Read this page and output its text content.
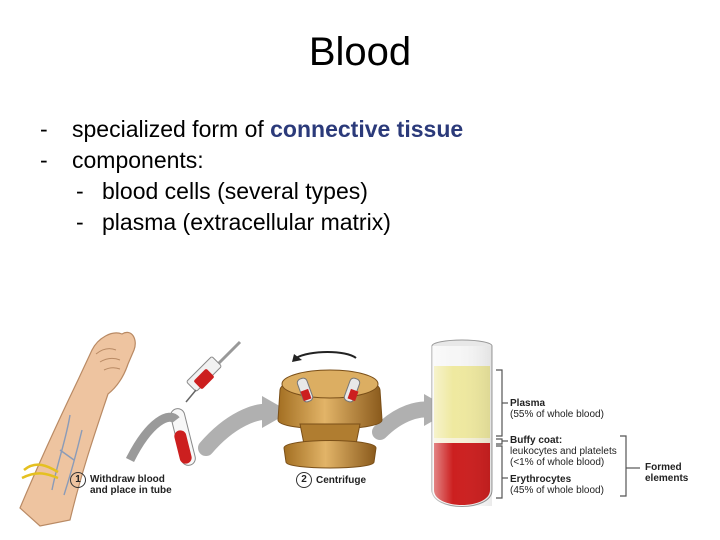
Blood
- specialized form of connective tissue
- components:
- blood cells (several types)
- plasma (extracellular matrix)
1 Withdraw blood
and place in tube
2 Centrifuge
Plasma
(55% of whole blood)
Buffy coat:
leukocytes and platelets
(<1% of whole blood)
Erythrocytes
(45% of whole blood)
Formed
elements
